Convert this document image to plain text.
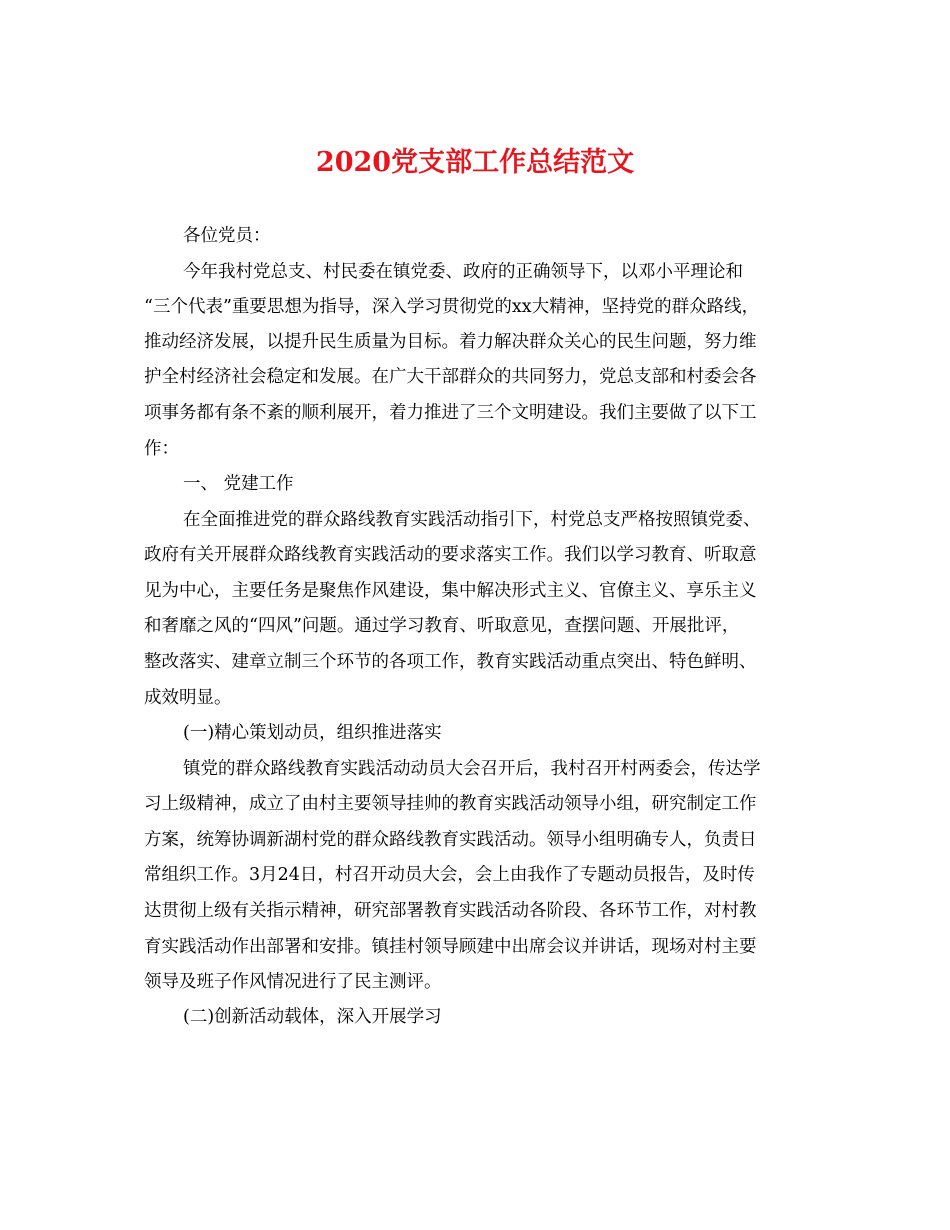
2020党支部工作总结范文
各位党员：
今年我村党总支、村民委在镇党委、政府的正确领导下，以邓小平理论和
“三个代表”重要思想为指导，深入学习贯彻党的xx大精神，坚持党的群众路线，
推动经济发展，以提升民生质量为目标。着力解决群众关心的民生问题，努力维
护全村经济社会稳定和发展。在广大干部群众的共同努力，党总支部和村委会各
项事务都有条不紊的顺利展开，着力推进了三个文明建设。我们主要做了以下工
作：
一、 党建工作
在全面推进党的群众路线教育实践活动指引下，村党总支严格按照镇党委、
政府有关开展群众路线教育实践活动的要求落实工作。我们以学习教育、听取意
见为中心，主要任务是聚焦作风建设，集中解决形式主义、官僚主义、享乐主义
和奢靡之风的“四风”问题。通过学习教育、听取意见，查摆问题、开展批评，
整改落实、建章立制三个环节的各项工作，教育实践活动重点突出、特色鲜明、
成效明显。
(一)精心策划动员，组织推进落实
镇党的群众路线教育实践活动动员大会召开后，我村召开村两委会，传达学
习上级精神，成立了由村主要领导挂帅的教育实践活动领导小组，研究制定工作
方案，统筹协调新湖村党的群众路线教育实践活动。领导小组明确专人，负责日
常组织工作。3月24日，村召开动员大会，会上由我作了专题动员报告，及时传
达贯彻上级有关指示精神，研究部署教育实践活动各阶段、各环节工作，对村教
育实践活动作出部署和安排。镇挂村领导顾建中出席会议并讲话，现场对村主要
领导及班子作风情况进行了民主测评。
(二)创新活动载体，深入开展学习
